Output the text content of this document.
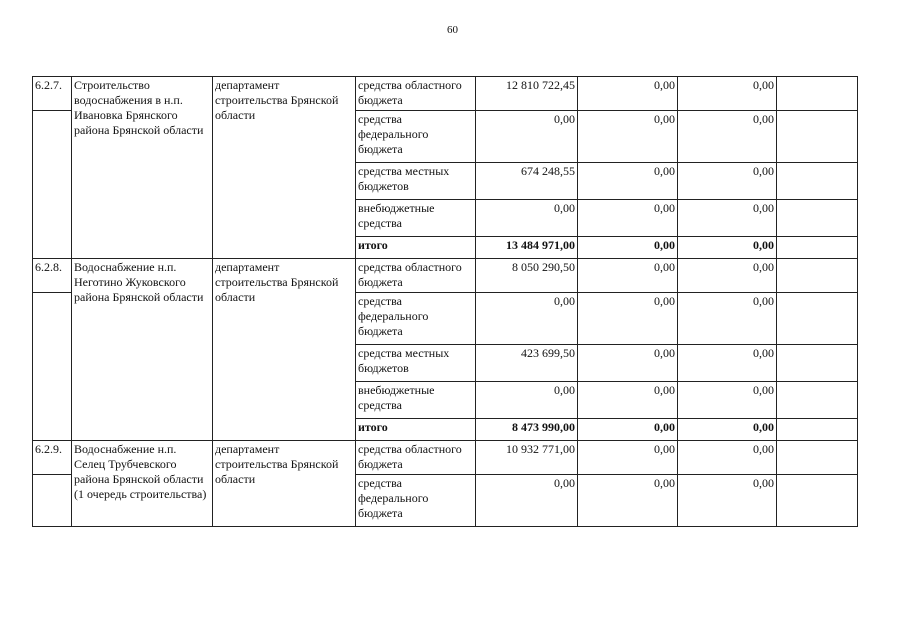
60
6.2.7.	Строительство водоснабжения в н.п. Ивановка Брянского района Брянской области	департамент строительства Брянской области	средства областного бюджета	12 810 722,45	0,00	0,00	
			средства федерального бюджета	0,00	0,00	0,00	
			средства местных бюджетов	674 248,55	0,00	0,00	
			внебюджетные средства	0,00	0,00	0,00	
			итого	13 484 971,00	0,00	0,00	
6.2.8.	Водоснабжение н.п. Неготино Жуковского района Брянской области	департамент строительства Брянской области	средства областного бюджета	8 050 290,50	0,00	0,00	
			средства федерального бюджета	0,00	0,00	0,00	
			средства местных бюджетов	423 699,50	0,00	0,00	
			внебюджетные средства	0,00	0,00	0,00	
			итого	8 473 990,00	0,00	0,00	
6.2.9.	Водоснабжение н.п. Селец Трубчевского района Брянской области (1 очередь строительства)	департамент строительства Брянской области	средства областного бюджета	10 932 771,00	0,00	0,00	
			средства федерального бюджета	0,00	0,00	0,00	
